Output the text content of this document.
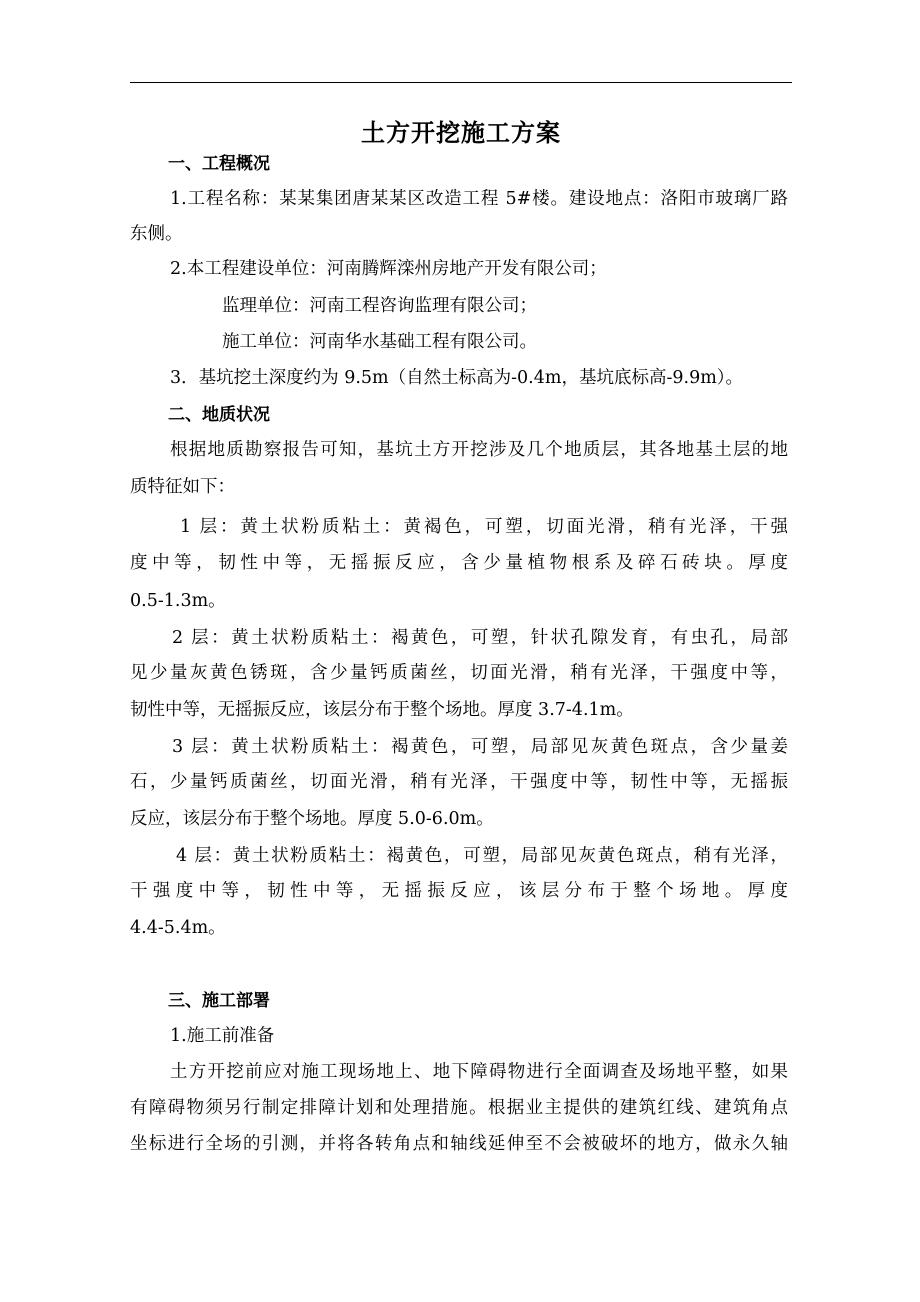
土方开挖施工方案

一、工程概况

1.工程名称：某某集团唐某某区改造工程 5#楼。建设地点：洛阳市玻璃厂路

东侧。

2.本工程建设单位：河南腾辉滦州房地产开发有限公司；

监理单位：河南工程咨询监理有限公司；

施工单位：河南华水基础工程有限公司。

3．基坑挖土深度约为 9.5m（自然土标高为-0.4m，基坑底标高-9.9m）。

二、地质状况

根据地质勘察报告可知，基坑土方开挖涉及几个地质层，其各地基土层的地

质特征如下：

1 层：黄土状粉质粘土：黄褐色，可塑，切面光滑，稍有光泽，干强

度中等，韧性中等，无摇振反应，含少量植物根系及碎石砖块。厚度

0.5-1.3m。

2 层：黄土状粉质粘土：褐黄色，可塑，针状孔隙发育，有虫孔，局部

见少量灰黄色锈斑，含少量钙质菌丝，切面光滑，稍有光泽，干强度中等，

韧性中等，无摇振反应，该层分布于整个场地。厚度 3.7-4.1m。

3 层：黄土状粉质粘土：褐黄色，可塑，局部见灰黄色斑点，含少量姜

石，少量钙质菌丝，切面光滑，稍有光泽，干强度中等，韧性中等，无摇振

反应，该层分布于整个场地。厚度 5.0-6.0m。

4 层：黄土状粉质粘土：褐黄色，可塑，局部见灰黄色斑点，稍有光泽，

干强度中等，韧性中等，无摇振反应，该层分布于整个场地。厚度

4.4-5.4m。

三、施工部署

1.施工前准备

土方开挖前应对施工现场地上、地下障碍物进行全面调查及场地平整，如果

有障碍物须另行制定排障计划和处理措施。根据业主提供的建筑红线、建筑角点

坐标进行全场的引测，并将各转角点和轴线延伸至不会被破坏的地方，做永久轴
